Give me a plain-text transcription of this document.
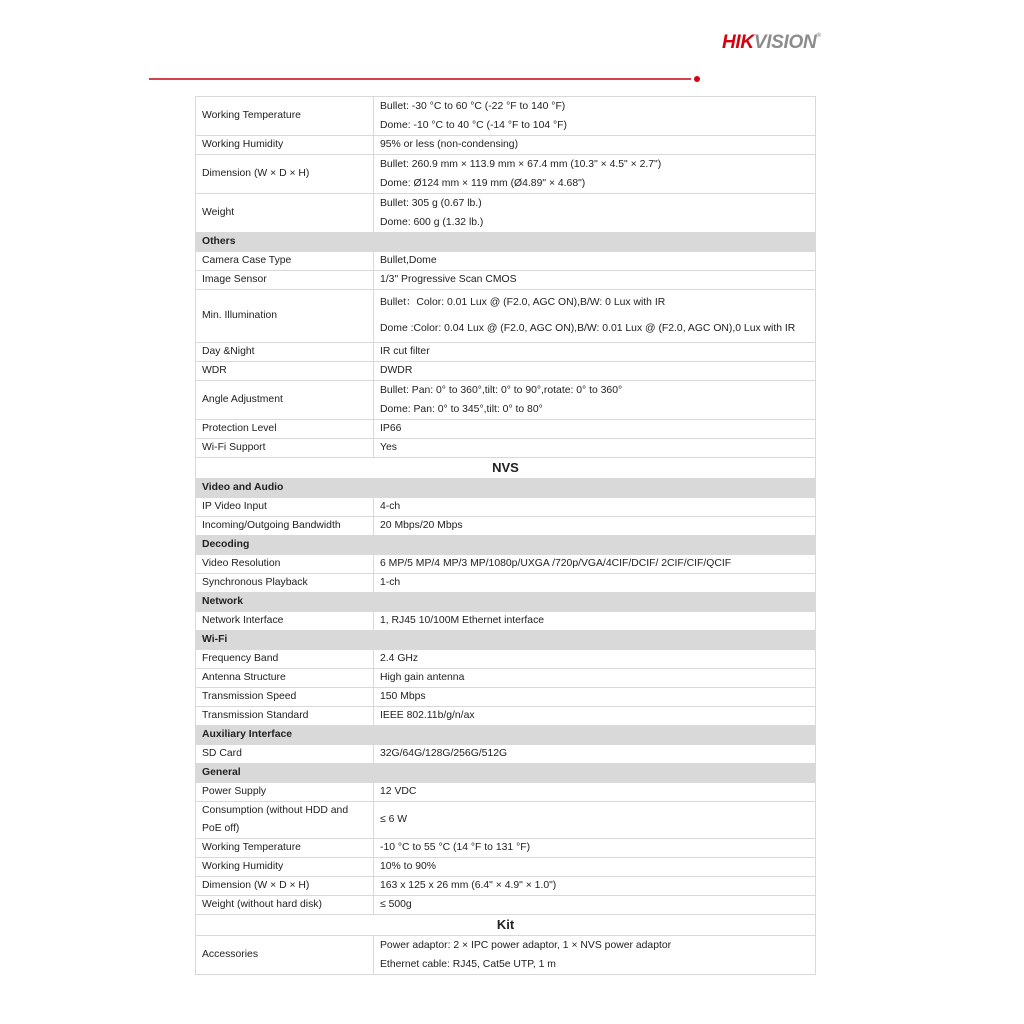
HIKVISION®
Working Temperature	Bullet: -30 °C to 60 °C (-22 °F to 140 °F)
Dome: -10 °C to 40 °C (-14 °F to 104 °F)

Working Humidity	95% or less (non-condensing)
Dimension (W × D × H)	Bullet: 260.9 mm × 113.9 mm × 67.4 mm (10.3" × 4.5" × 2.7")
Dome: Ø124 mm × 119 mm (Ø4.89" × 4.68")

Weight	Bullet: 305 g (0.67 lb.)
Dome: 600 g (1.32 lb.)

Others	
Camera Case Type	Bullet,Dome
Image Sensor	1/3" Progressive Scan CMOS
Min. Illumination	Bullet：Color: 0.01 Lux @ (F2.0, AGC ON),B/W: 0 Lux with IR
Dome :Color: 0.04 Lux @ (F2.0, AGC ON),B/W: 0.01 Lux @ (F2.0, AGC ON),0 Lux with IR

Day &Night	IR cut filter
WDR	DWDR
Angle Adjustment	Bullet: Pan: 0° to 360°,tilt: 0° to 90°,rotate: 0° to 360°
Dome: Pan: 0° to 345°,tilt: 0° to 80°

Protection Level	IP66
Wi-Fi Support	Yes
NVS	
Video and Audio	
IP Video Input	4-ch
Incoming/Outgoing Bandwidth	20 Mbps/20 Mbps
Decoding	
Video Resolution	6 MP/5 MP/4 MP/3 MP/1080p/UXGA /720p/VGA/4CIF/DCIF/ 2CIF/CIF/QCIF
Synchronous Playback	1-ch
Network	
Network Interface	1, RJ45 10/100M Ethernet interface
Wi-Fi	
Frequency Band	2.4 GHz
Antenna Structure	High gain antenna
Transmission Speed	150 Mbps
Transmission Standard	IEEE 802.11b/g/n/ax
Auxiliary Interface	
SD Card	32G/64G/128G/256G/512G
General	
Power Supply	12 VDC
Consumption (without HDD and PoE off)	≤ 6 W
Working Temperature	-10 °C to 55 °C (14 °F to 131 °F)
Working Humidity	10% to 90%
Dimension (W × D × H)	163 x 125 x 26 mm (6.4" × 4.9" × 1.0")
Weight (without hard disk)	≤ 500g
Kit	
Accessories	Power adaptor: 2 × IPC power adaptor, 1 × NVS power adaptor
Ethernet cable: RJ45, Cat5e UTP, 1 m
